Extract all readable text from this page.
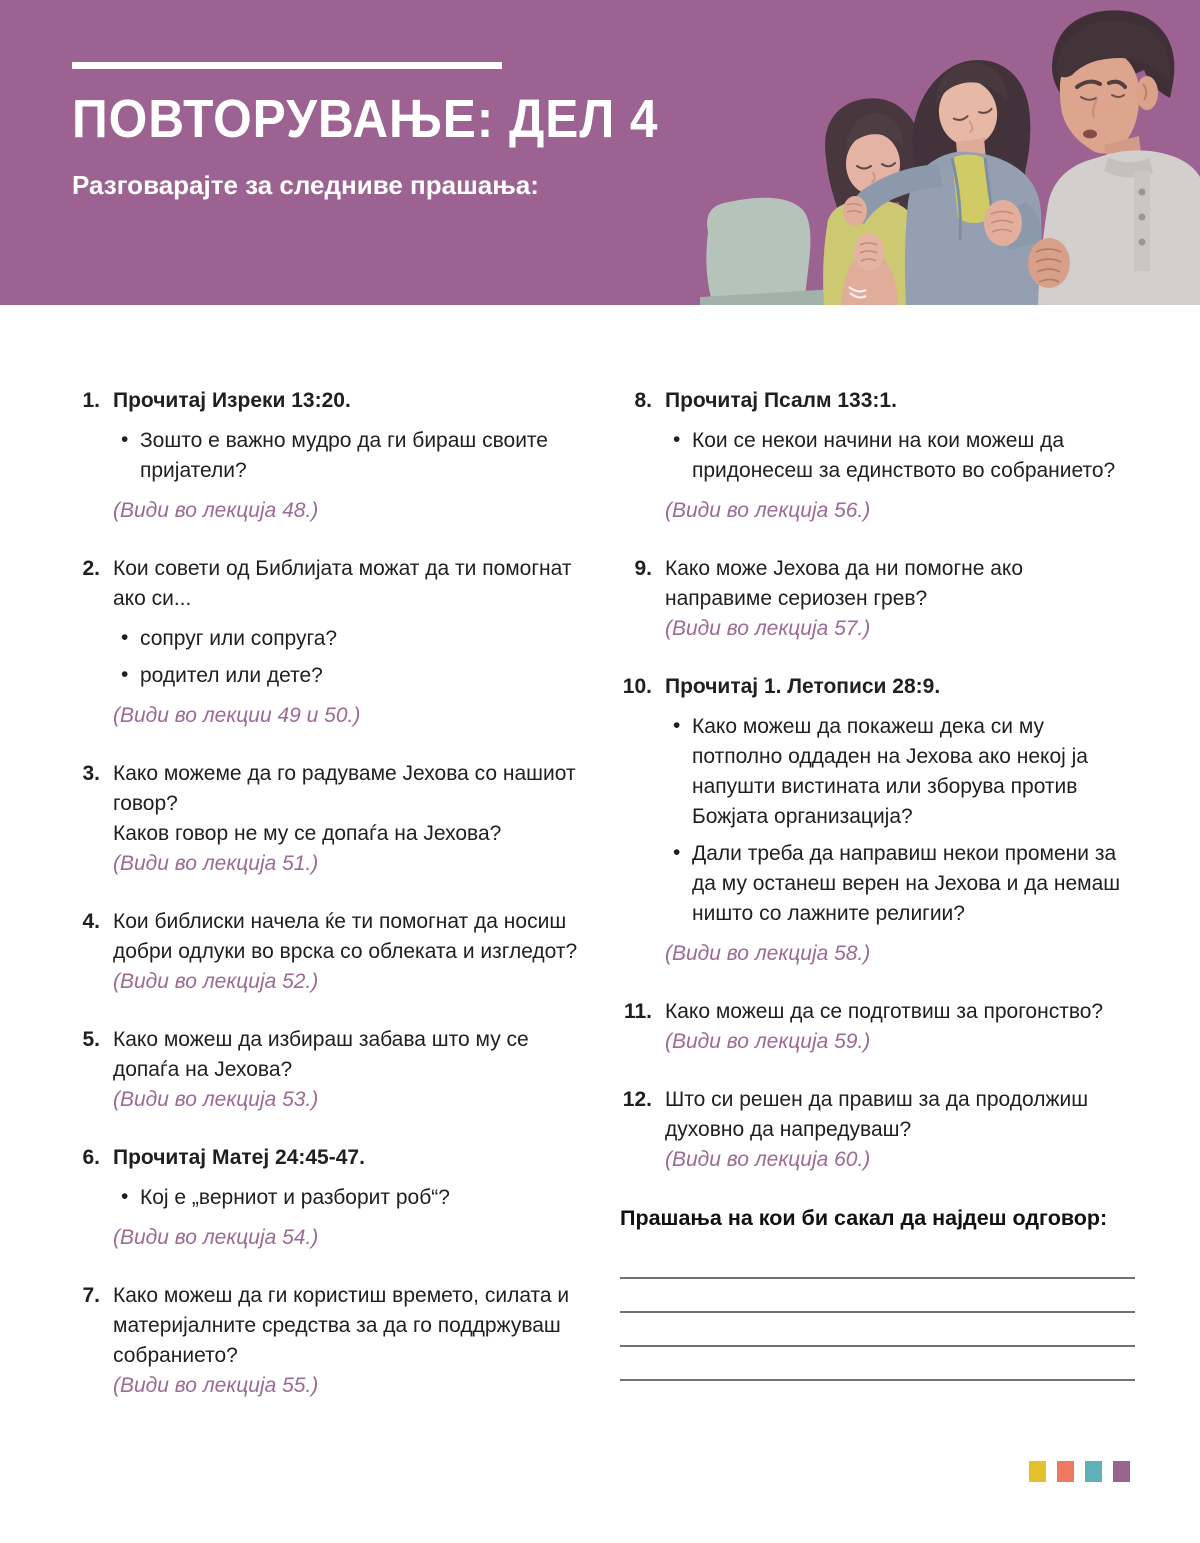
ПОВТОРУВАЊЕ: ДЕЛ 4
Разговарајте за следниве прашања:
1. Прочитај Изреки 13:20.
• Зошто е важно мудро да ги бираш своите пријатели?
(Види во лекција 48.)
2. Кои совети од Библијата можат да ти помогнат ако си...
• сопруг или сопруга?
• родител или дете?
(Види во лекции 49 и 50.)
3. Како можеме да го радуваме Јехова со нашиот говор?
Каков говор не му се допаѓа на Јехова?
(Види во лекција 51.)
4. Кои библиски начела ќе ти помогнат да носиш добри одлуки во врска со облеката и изгледот?
(Види во лекција 52.)
5. Како можеш да избираш забава што му се допаѓа на Јехова?
(Види во лекција 53.)
6. Прочитај Матеј 24:45-47.
• Кој е „верниот и разборит роб“?
(Види во лекција 54.)
7. Како можеш да ги користиш времето, силата и материјалните средства за да го поддржуваш собранието?
(Види во лекција 55.)
8. Прочитај Псалм 133:1.
• Кои се некои начини на кои можеш да придонесеш за единството во собранието?
(Види во лекција 56.)
9. Како може Јехова да ни помогне ако направиме сериозен грев?
(Види во лекција 57.)
10. Прочитај 1. Летописи 28:9.
• Како можеш да покажеш дека си му потполно оддаден на Јехова ако некој ја напушти вистината или зборува против Божјата организација?
• Дали треба да направиш некои промени за да му останеш верен на Јехова и да немаш ништо со лажните религии?
(Види во лекција 58.)
11. Како можеш да се подготвиш за прогонство?
(Види во лекција 59.)
12. Што си решен да правиш за да продолжиш духовно да напредуваш?
(Види во лекција 60.)
Прашања на кои би сакал да најдеш одговор:
